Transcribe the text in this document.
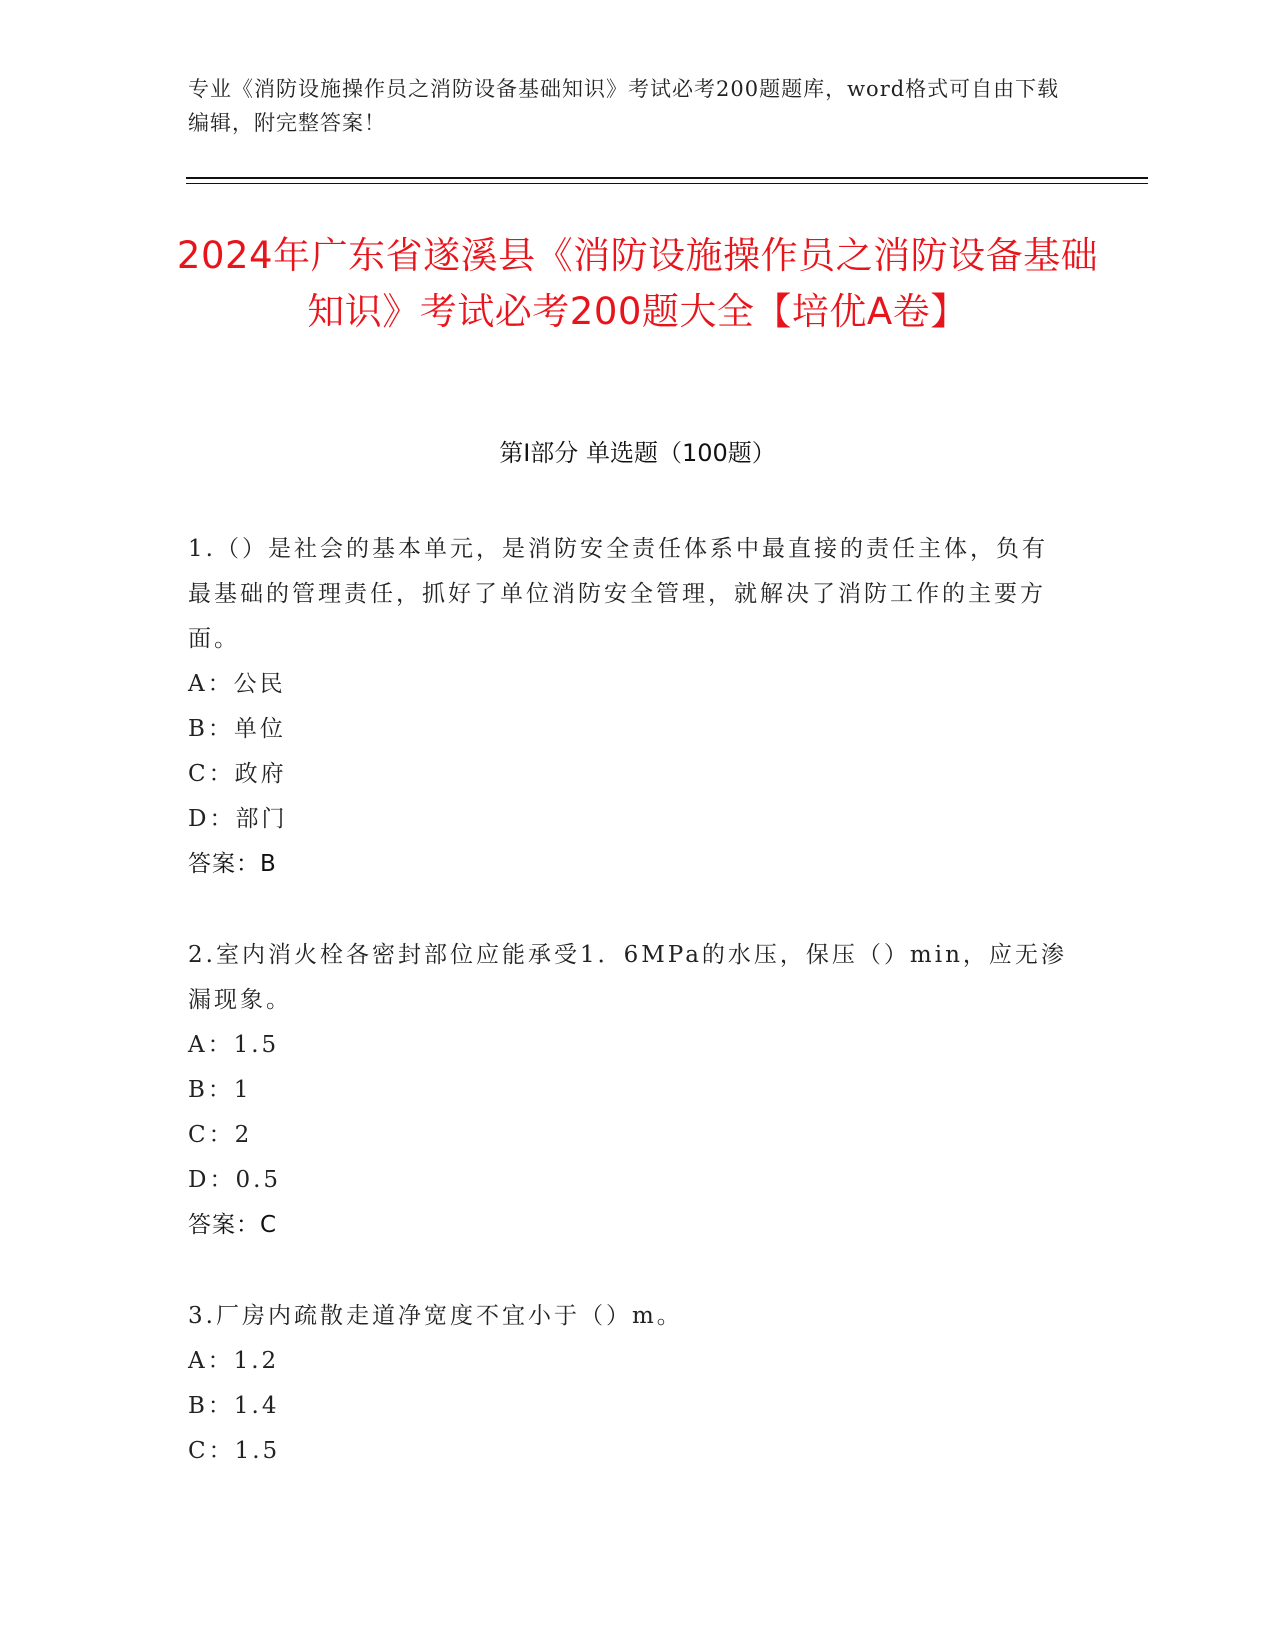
专业《消防设施操作员之消防设备基础知识》考试必考200题题库，word格式可自由下载编辑，附完整答案！
2024年广东省遂溪县《消防设施操作员之消防设备基础知识》考试必考200题大全【培优A卷】
第I部分 单选题（100题）
1.（）是社会的基本单元，是消防安全责任体系中最直接的责任主体，负有最基础的管理责任，抓好了单位消防安全管理，就解决了消防工作的主要方面。
A：公民
B：单位
C：政府
D：部门
答案：B
2.室内消火栓各密封部位应能承受1．6MPa的水压，保压（）min，应无渗漏现象。
A：1.5
B：1
C：2
D：0.5
答案：C
3.厂房内疏散走道净宽度不宜小于（）m。
A：1.2
B：1.4
C：1.5
